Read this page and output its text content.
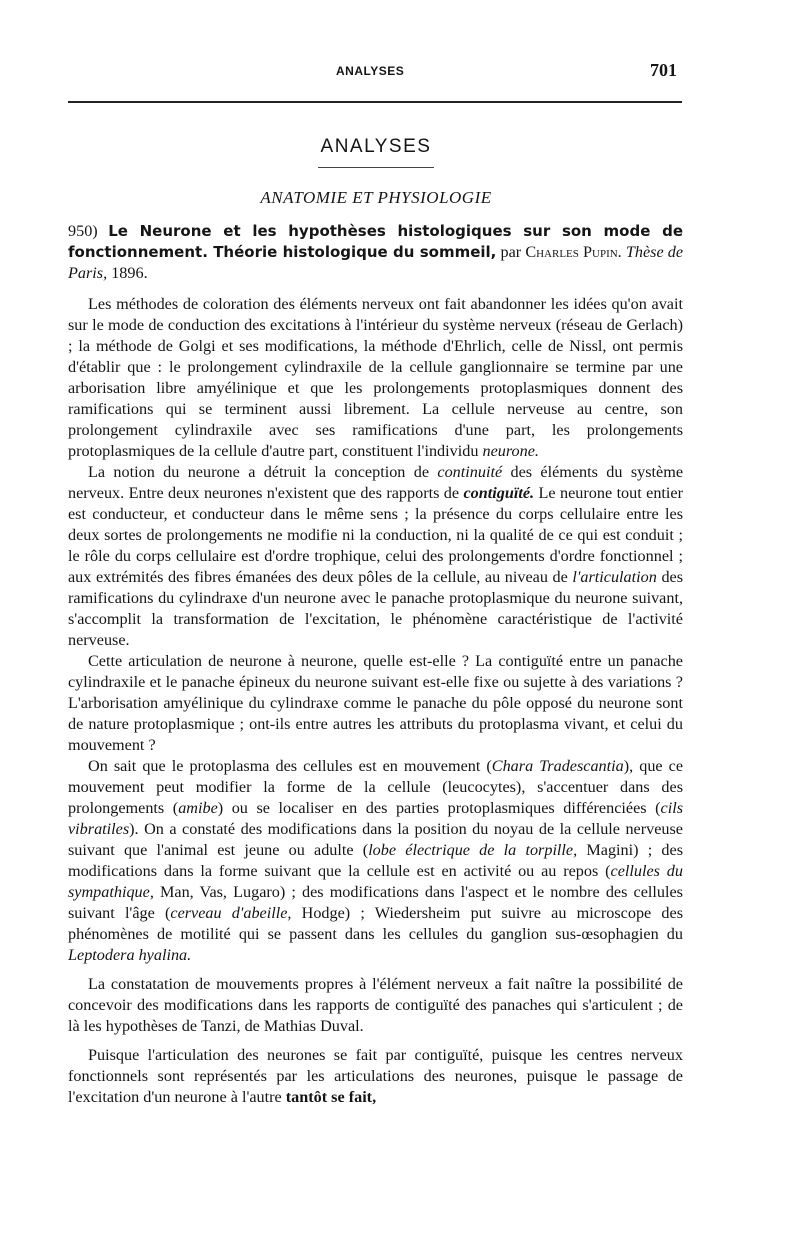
ANALYSES	701
ANALYSES
ANATOMIE ET PHYSIOLOGIE
950) Le Neurone et les hypothèses histologiques sur son mode de fonctionnement. Théorie histologique du sommeil, par Charles Pupin. Thèse de Paris, 1896.

Les méthodes de coloration des éléments nerveux ont fait abandonner les idées qu'on avait sur le mode de conduction des excitations à l'intérieur du système nerveux (réseau de Gerlach) ; la méthode de Golgi et ses modifications, la méthode d'Ehrlich, celle de Nissl, ont permis d'établir que : le prolongement cylindraxile de la cellule ganglionnaire se termine par une arborisation libre amyélinique et que les prolongements protoplasmiques donnent des ramifications qui se terminent aussi librement. La cellule nerveuse au centre, son prolongement cylindraxile avec ses ramifications d'une part, les prolongements protoplasmiques de la cellule d'autre part, constituent l'individu neurone.

La notion du neurone a détruit la conception de continuité des éléments du système nerveux. Entre deux neurones n'existent que des rapports de contiguïté. Le neurone tout entier est conducteur, et conducteur dans le même sens ; la présence du corps cellulaire entre les deux sortes de prolongements ne modifie ni la conduction, ni la qualité de ce qui est conduit ; le rôle du corps cellulaire est d'ordre trophique, celui des prolongements d'ordre fonctionnel ; aux extrémités des fibres émanées des deux pôles de la cellule, au niveau de l'articulation des ramifications du cylindraxe d'un neurone avec le panache protoplasmique du neurone suivant, s'accomplit la transformation de l'excitation, le phénomène caractéristique de l'activité nerveuse.

Cette articulation de neurone à neurone, quelle est-elle ? La contiguïté entre un panache cylindraxile et le panache épineux du neurone suivant est-elle fixe ou sujette à des variations ? L'arborisation amyélinique du cylindraxe comme le panache du pôle opposé du neurone sont de nature protoplasmique ; ont-ils entre autres les attributs du protoplasma vivant, et celui du mouvement ?

On sait que le protoplasma des cellules est en mouvement (Chara Tradescantia), que ce mouvement peut modifier la forme de la cellule (leucocytes), s'accentuer dans des prolongements (amibe) ou se localiser en des parties protoplasmiques différenciées (cils vibratiles). On a constaté des modifications dans la position du noyau de la cellule nerveuse suivant que l'animal est jeune ou adulte (lobe électrique de la torpille, Magini) ; des modifications dans la forme suivant que la cellule est en activité ou au repos (cellules du sympathique, Man, Vas, Lugaro) ; des modifications dans l'aspect et le nombre des cellules suivant l'âge (cerveau d'abeille, Hodge) ; Wiedersheim put suivre au microscope des phénomènes de motilité qui se passent dans les cellules du ganglion sus-œsophagien du Leptodera hyalina.

La constatation de mouvements propres à l'élément nerveux a fait naître la possibilité de concevoir des modifications dans les rapports de contiguïté des panaches qui s'articulent ; de là les hypothèses de Tanzi, de Mathias Duval.

Puisque l'articulation des neurones se fait par contiguïté, puisque les centres nerveux fonctionnels sont représentés par les articulations des neurones, puisque le passage de l'excitation d'un neurone à l'autre tantôt se fait,
